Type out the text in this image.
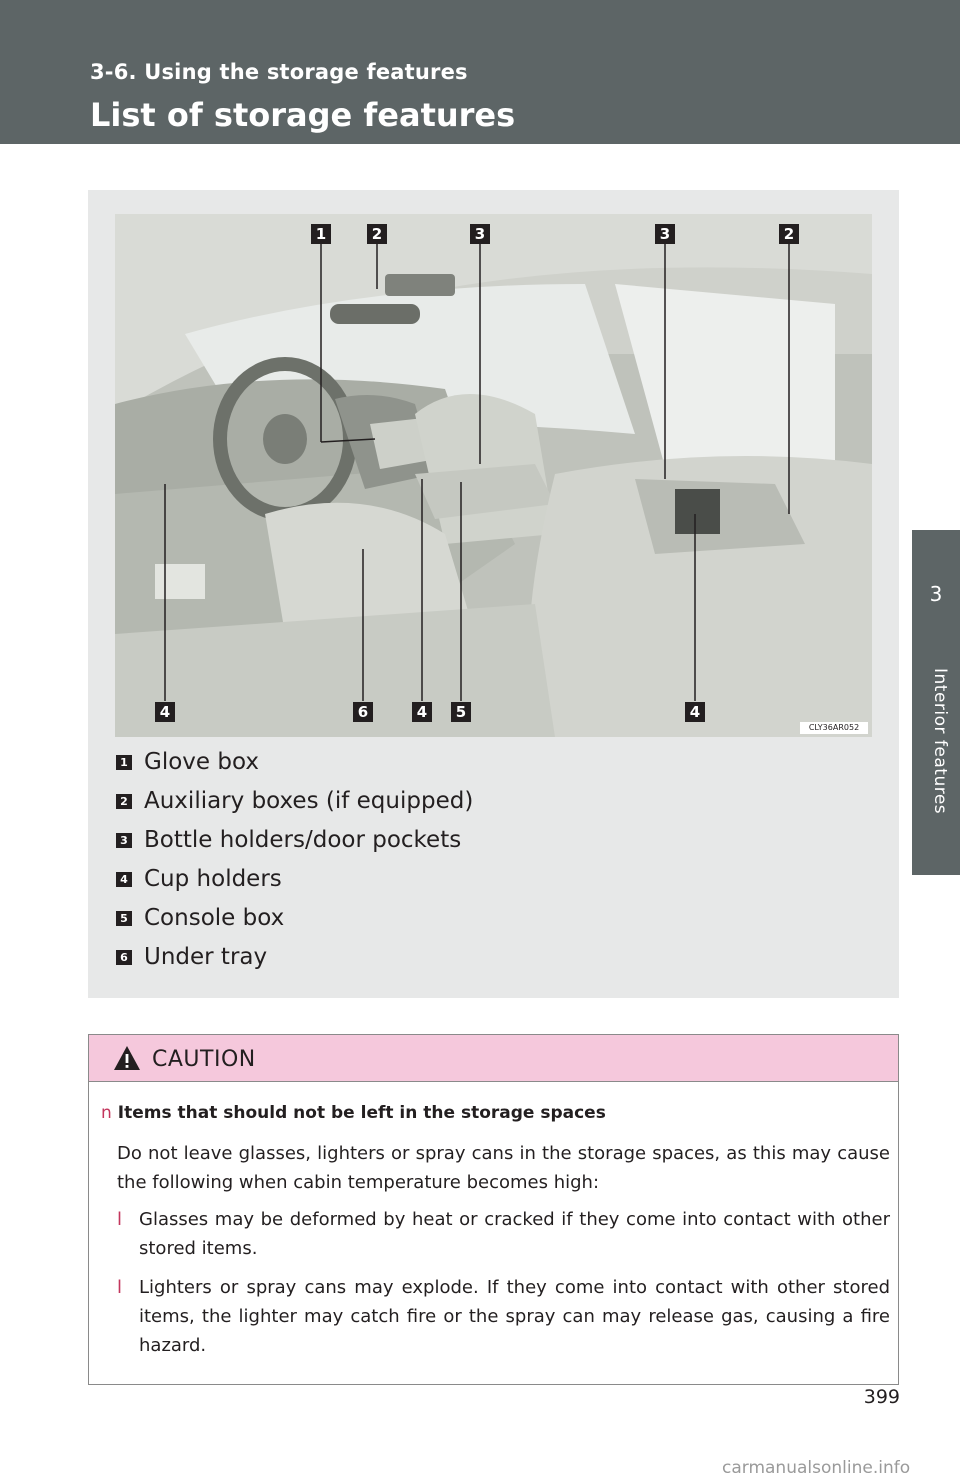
3-6. Using the storage features
List of storage features
3
Interior features
1	2	3	3	2
4	6	4	5	4
CLY36AR052
1 Glove box
2 Auxiliary boxes (if equipped)
3 Bottle holders/door pockets
4 Cup holders
5 Console box
6 Under tray
CAUTION
n Items that should not be left in the storage spaces
Do not leave glasses, lighters or spray cans in the storage spaces, as this may cause the following when cabin temperature becomes high:
l Glasses may be deformed by heat or cracked if they come into contact with other stored items.
l Lighters or spray cans may explode. If they come into contact with other stored items, the lighter may catch fire or the spray can may release gas, causing a fire hazard.
399
carmanualsonline.info
